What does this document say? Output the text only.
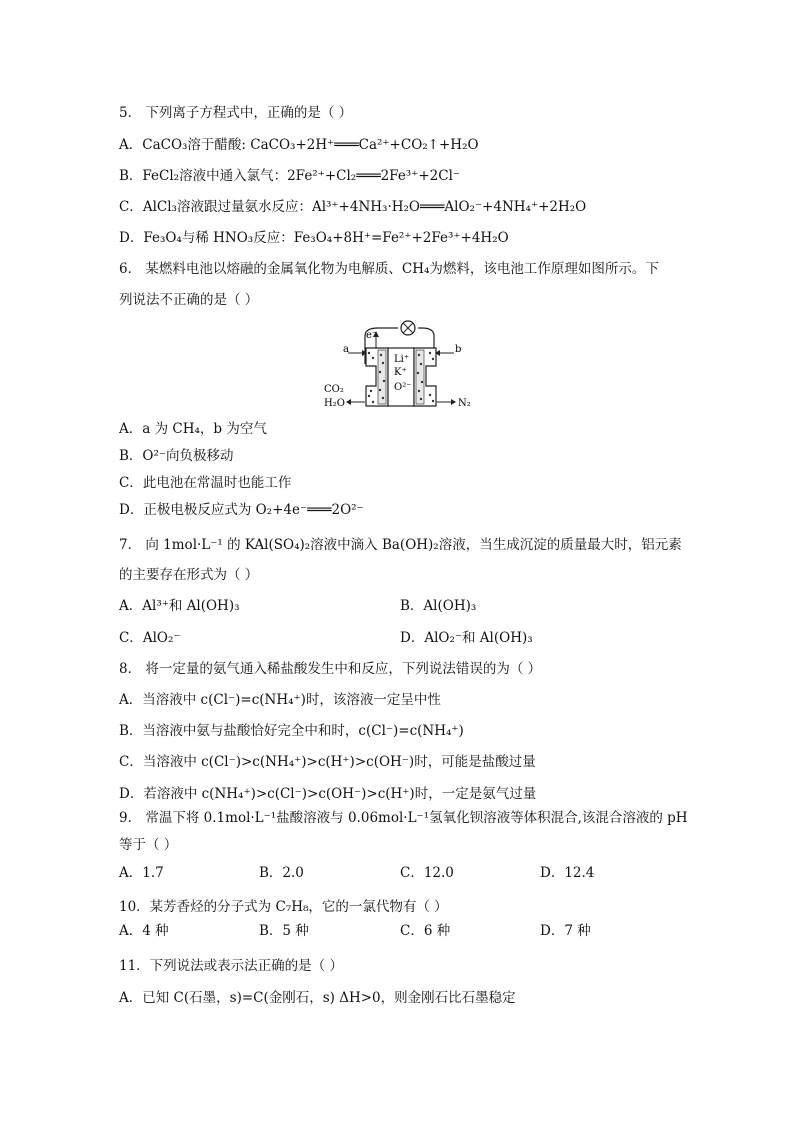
5． 下列离子方程式中，正确的是（ ）
A．CaCO₃溶于醋酸: CaCO₃+2H⁺═══Ca²⁺+CO₂↑+H₂O
B．FeCl₂溶液中通入氯气：2Fe²⁺+Cl₂═══2Fe³⁺+2Cl⁻
C．AlCl₃溶液跟过量氨水反应：Al³⁺+4NH₃·H₂O═══AlO₂⁻+4NH₄⁺+2H₂O
D．Fe₃O₄与稀 HNO₃反应：Fe₃O₄+8H⁺=Fe²⁺+2Fe³⁺+4H₂O
6． 某燃料电池以熔融的金属氧化物为电解质、CH₄为燃料，该电池工作原理如图所示。下
列说法不正确的是（ ）
e⁻
Li⁺
K⁺
O²⁻
a	b
CO₂
H₂O	N₂
A．a 为 CH₄，b 为空气
B．O²⁻向负极移动
C．此电池在常温时也能工作
D．正极电极反应式为 O₂+4e⁻═══2O²⁻
7． 向 1mol·L⁻¹ 的 KAl(SO₄)₂溶液中滴入 Ba(OH)₂溶液，当生成沉淀的质量最大时，铝元素
的主要存在形式为（ ）
A．Al³⁺和 Al(OH)₃	B．Al(OH)₃
C．AlO₂⁻	D．AlO₂⁻和 Al(OH)₃
8． 将一定量的氨气通入稀盐酸发生中和反应，下列说法错误的为（ ）
A．当溶液中 c(Cl⁻)=c(NH₄⁺)时，该溶液一定呈中性
B．当溶液中氨与盐酸恰好完全中和时，c(Cl⁻)=c(NH₄⁺)
C．当溶液中 c(Cl⁻)>c(NH₄⁺)>c(H⁺)>c(OH⁻)时，可能是盐酸过量
D．若溶液中 c(NH₄⁺)>c(Cl⁻)>c(OH⁻)>c(H⁺)时，一定是氨气过量
9． 常温下将 0.1mol·L⁻¹盐酸溶液与 0.06mol·L⁻¹氢氧化钡溶液等体积混合,该混合溶液的 pH
等于（ ）
A．1.7	B．2.0	C．12.0	D．12.4
10．某芳香烃的分子式为 C₇H₈，它的一氯代物有（ ）
A．4 种	B．5 种	C．6 种	D．7 种
11．下列说法或表示法正确的是（ ）
A．已知 C(石墨，s)=C(金刚石，s) ΔH>0，则金刚石比石墨稳定
